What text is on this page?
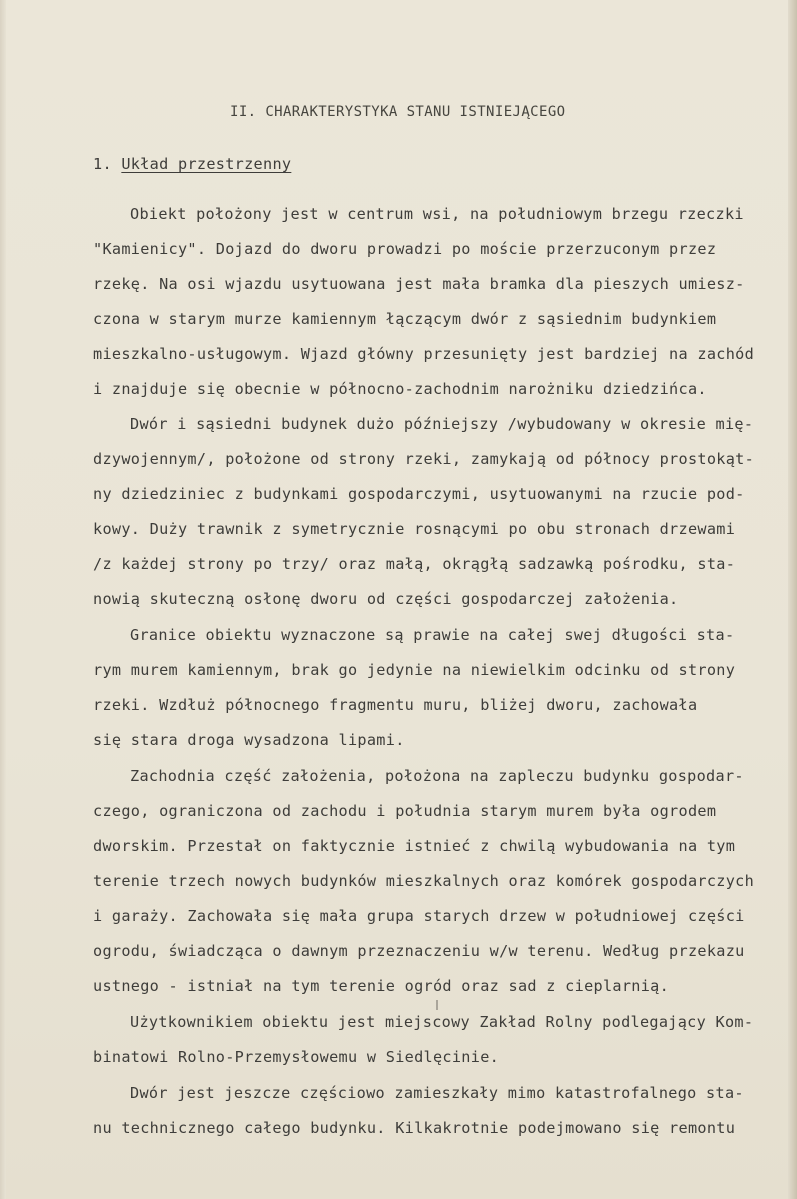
II. CHARAKTERYSTYKA STANU ISTNIEJĄCEGO
1. Układ przestrzenny
Obiekt położony jest w centrum wsi, na południowym brzegu rzeczki
"Kamienicy". Dojazd do dworu prowadzi po moście przerzuconym przez
rzekę. Na osi wjazdu usytuowana jest mała bramka dla pieszych umiesz-
czona w starym murze kamiennym łączącym dwór z sąsiednim budynkiem
mieszkalno-usługowym. Wjazd główny przesunięty jest bardziej na zachód
i znajduje się obecnie w północno-zachodnim narożniku dziedzińca.
Dwór i sąsiedni budynek dużo późniejszy /wybudowany w okresie mię-
dzywojennym/, położone od strony rzeki, zamykają od północy prostokąt-
ny dziedziniec z budynkami gospodarczymi, usytuowanymi na rzucie pod-
kowy. Duży trawnik z symetrycznie rosnącymi po obu stronach drzewami
/z każdej strony po trzy/ oraz małą, okrągłą sadzawką pośrodku, sta-
nowią skuteczną osłonę dworu od części gospodarczej założenia.
Granice obiektu wyznaczone są prawie na całej swej długości sta-
rym murem kamiennym, brak go jedynie na niewielkim odcinku od strony
rzeki. Wzdłuż północnego fragmentu muru, bliżej dworu, zachowała
się stara droga wysadzona lipami.
Zachodnia część założenia, położona na zapleczu budynku gospodar-
czego, ograniczona od zachodu i południa starym murem była ogrodem
dworskim. Przestał on faktycznie istnieć z chwilą wybudowania na tym
terenie trzech nowych budynków mieszkalnych oraz komórek gospodarczych
i garaży. Zachowała się mała grupa starych drzew w południowej części
ogrodu, świadcząca o dawnym przeznaczeniu w/w terenu. Według przekazu
ustnego - istniał na tym terenie ogród oraz sad z cieplarnią.
Użytkownikiem obiektu jest miejscowy Zakład Rolny podlegający Kom-
binatowi Rolno-Przemysłowemu w Siedlęcinie.
Dwór jest jeszcze częściowo zamieszkały mimo katastrofalnego sta-
nu technicznego całego budynku. Kilkakrotnie podejmowano się remontu
